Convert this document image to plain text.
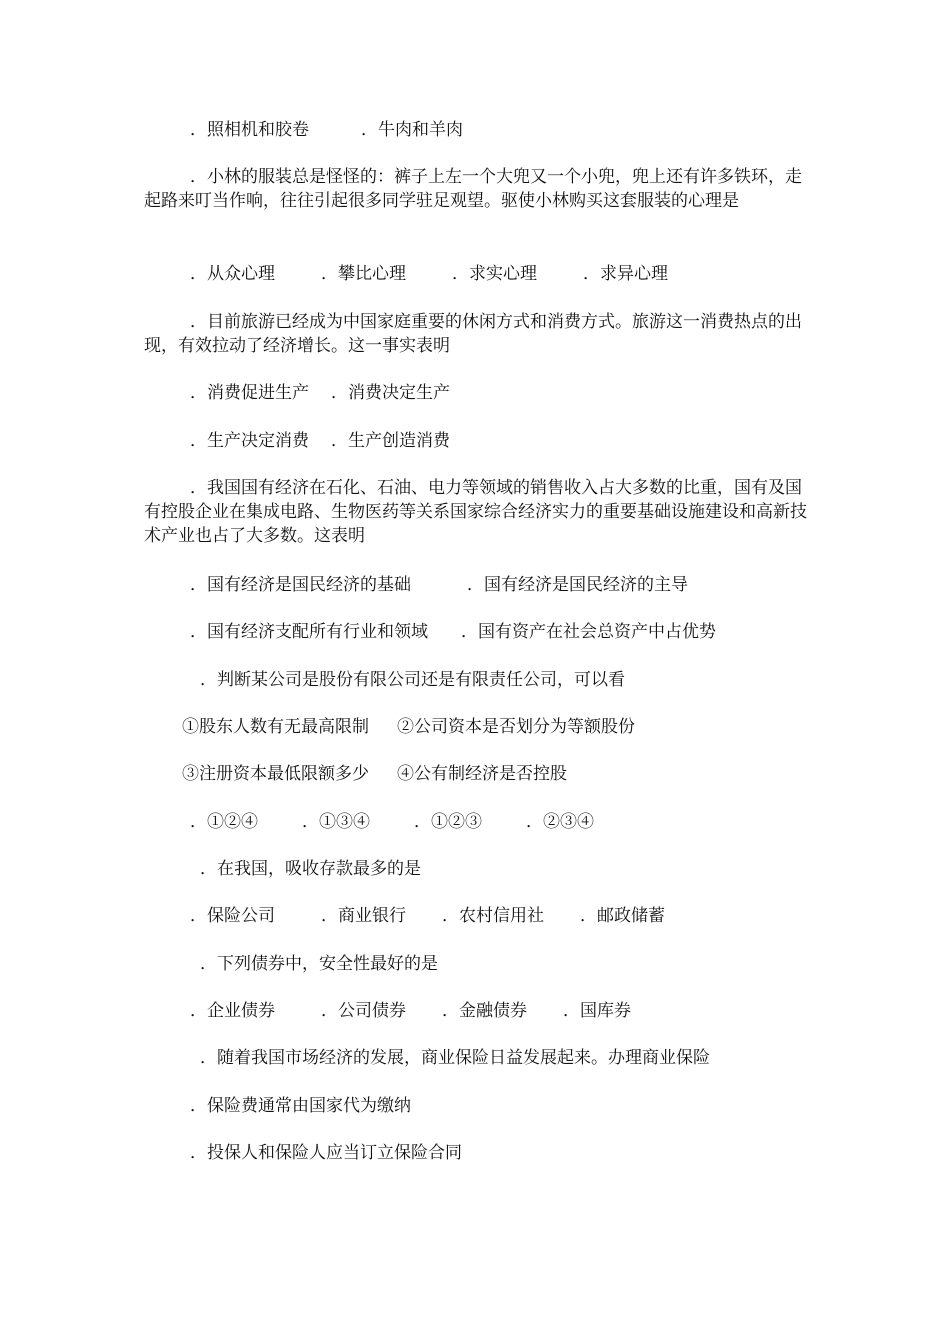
．照相机和胶卷	．牛肉和羊肉
．小林的服装总是怪怪的：裤子上左一个大兜又一个小兜，兜上还有许多铁环，走起路来叮当作响，往往引起很多同学驻足观望。驱使小林购买这套服装的心理是
．从众心理	．攀比心理	．求实心理	．求异心理
．目前旅游已经成为中国家庭重要的休闲方式和消费方式。旅游这一消费热点的出现，有效拉动了经济增长。这一事实表明
．消费促进生产 ．消费决定生产
．生产决定消费 ．生产创造消费
．我国国有经济在石化、石油、电力等领域的销售收入占大多数的比重，国有及国有控股企业在集成电路、生物医药等关系国家综合经济实力的重要基础设施建设和高新技术产业也占了大多数。这表明
．国有经济是国民经济的基础	．国有经济是国民经济的主导
．国有经济支配所有行业和领域 ．国有资产在社会总资产中占优势
．判断某公司是股份有限公司还是有限责任公司，可以看
①股东人数有无最高限制 ②公司资本是否划分为等额股份
③注册资本最低限额多少 ④公有制经济是否控股
．①②④	．①③④	．①②③	．②③④
．在我国，吸收存款最多的是
．保险公司	．商业银行 ．农村信用社 ．邮政储蓄
．下列债券中，安全性最好的是
．企业债券	．公司债券 ．金融债券 ．国库券
．随着我国市场经济的发展，商业保险日益发展起来。办理商业保险
．保险费通常由国家代为缴纳
．投保人和保险人应当订立保险合同
